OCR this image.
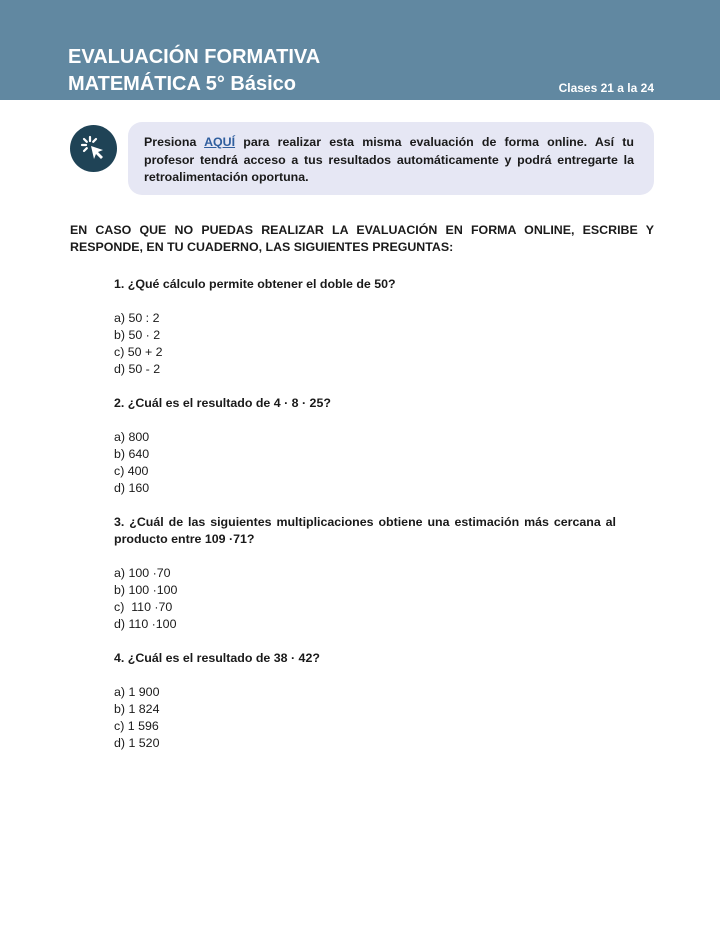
EVALUACIÓN FORMATIVA
MATEMÁTICA 5° Básico	Clases 21 a la 24
Presiona AQUÍ para realizar esta misma evaluación de forma online. Así tu profesor tendrá acceso a tus resultados automáticamente y podrá entregarte la retroalimentación oportuna.
EN CASO QUE NO PUEDAS REALIZAR LA EVALUACIÓN EN FORMA ONLINE, ESCRIBE Y RESPONDE, EN TU CUADERNO, LAS SIGUIENTES PREGUNTAS:
1. ¿Qué cálculo permite obtener el doble de 50?
a) 50 : 2
b) 50 · 2
c) 50 + 2
d) 50 - 2
2. ¿Cuál es el resultado de 4 · 8 · 25?
a) 800
b) 640
c) 400
d) 160
3. ¿Cuál de las siguientes multiplicaciones obtiene una estimación más cercana al producto entre 109 ·71?
a) 100 ·70
b) 100 ·100
c)  110 ·70
d) 110 ·100
4. ¿Cuál es el resultado de 38 · 42?
a) 1 900
b) 1 824
c) 1 596
d) 1 520
